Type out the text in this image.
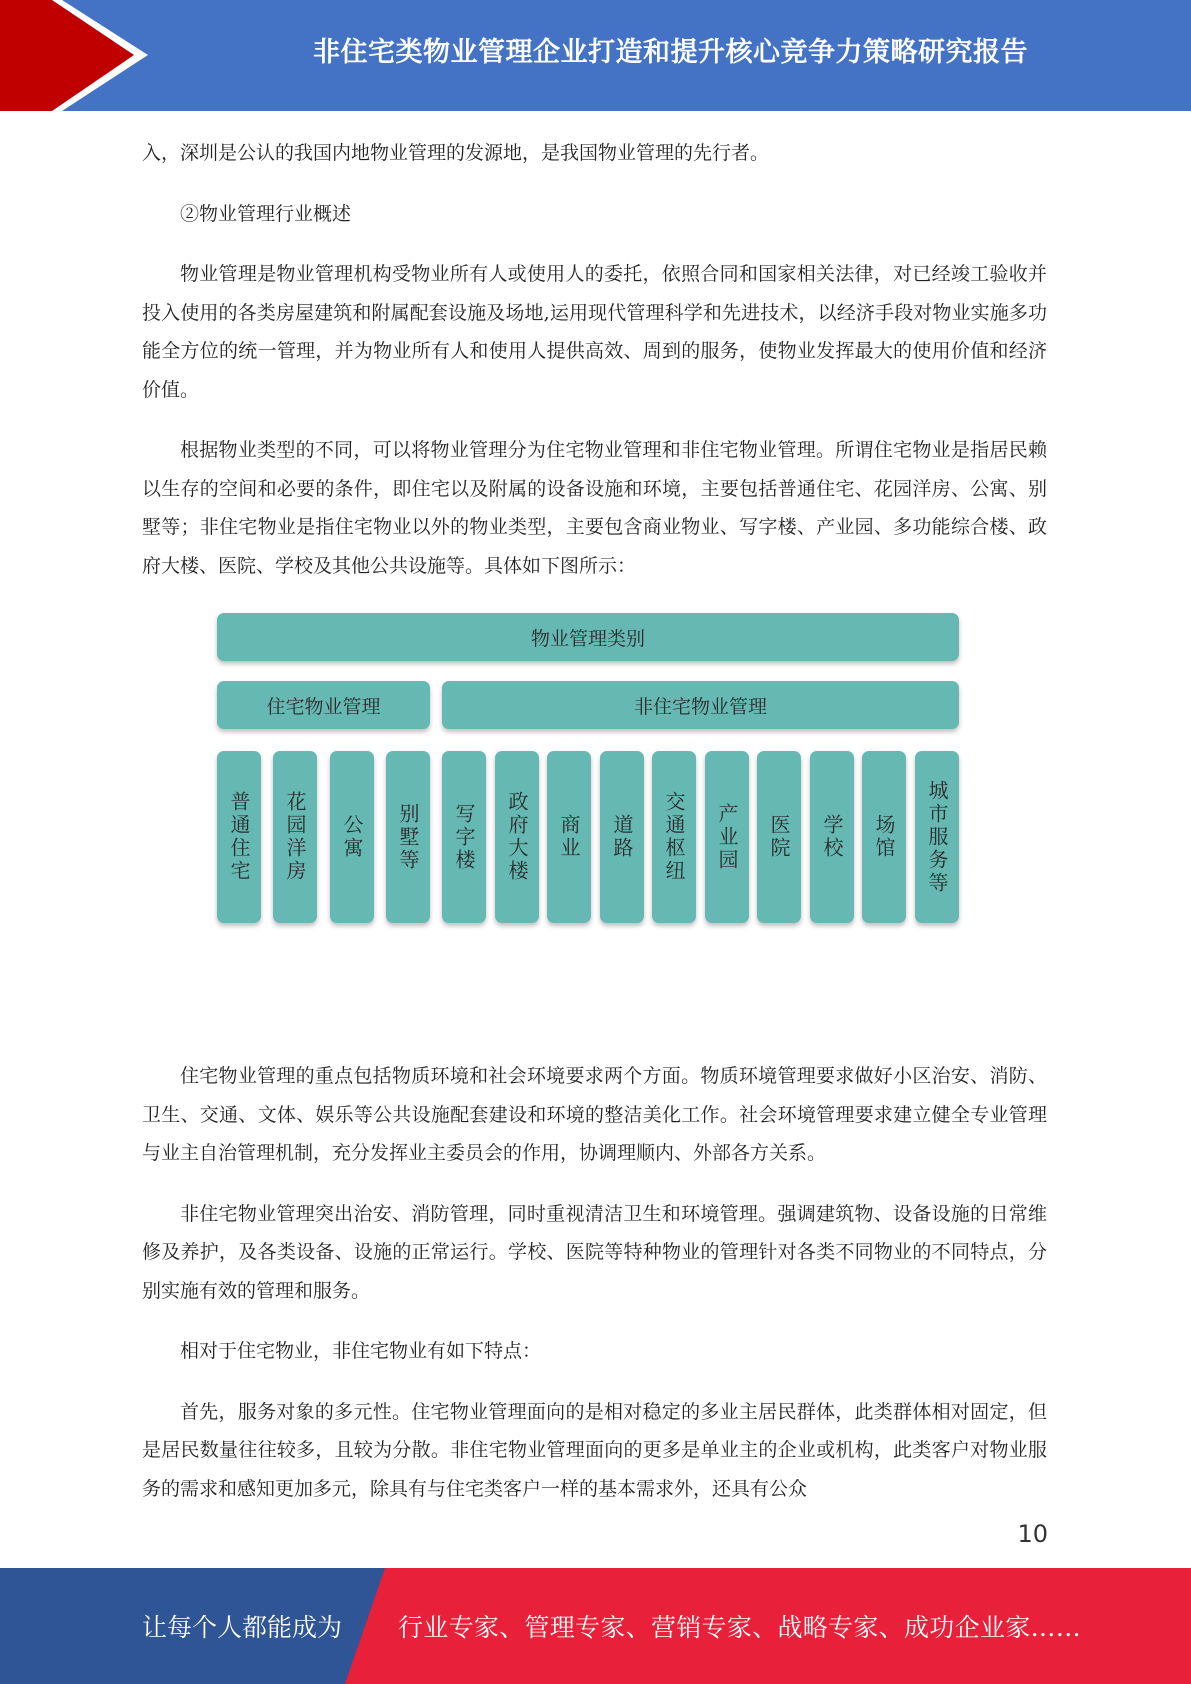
非住宅类物业管理企业打造和提升核心竞争力策略研究报告

入，深圳是公认的我国内地物业管理的发源地，是我国物业管理的先行者。

②物业管理行业概述

物业管理是物业管理机构受物业所有人或使用人的委托，依照合同和国家相关法律，对已经竣工验收并投入使用的各类房屋建筑和附属配套设施及场地,运用现代管理科学和先进技术，以经济手段对物业实施多功能全方位的统一管理，并为物业所有人和使用人提供高效、周到的服务，使物业发挥最大的使用价值和经济价值。

根据物业类型的不同，可以将物业管理分为住宅物业管理和非住宅物业管理。所谓住宅物业是指居民赖以生存的空间和必要的条件，即住宅以及附属的设备设施和环境，主要包括普通住宅、花园洋房、公寓、别墅等；非住宅物业是指住宅物业以外的物业类型，主要包含商业物业、写字楼、产业园、多功能综合楼、政府大楼、医院、学校及其他公共设施等。具体如下图所示：

物业管理类别
住宅物业管理	非住宅物业管理
普通住宅 花园洋房 公寓 别墅等 写字楼 政府大楼 商业 道路 交通枢纽 产业园 医院 学校 场馆 城市服务等

住宅物业管理的重点包括物质环境和社会环境要求两个方面。物质环境管理要求做好小区治安、消防、卫生、交通、文体、娱乐等公共设施配套建设和环境的整洁美化工作。社会环境管理要求建立健全专业管理与业主自治管理机制，充分发挥业主委员会的作用，协调理顺内、外部各方关系。

非住宅物业管理突出治安、消防管理，同时重视清洁卫生和环境管理。强调建筑物、设备设施的日常维修及养护，及各类设备、设施的正常运行。学校、医院等特种物业的管理针对各类不同物业的不同特点，分别实施有效的管理和服务。

相对于住宅物业，非住宅物业有如下特点：

首先，服务对象的多元性。住宅物业管理面向的是相对稳定的多业主居民群体，此类群体相对固定，但是居民数量往往较多，且较为分散。非住宅物业管理面向的更多是单业主的企业或机构，此类客户对物业服务的需求和感知更加多元，除具有与住宅类客户一样的基本需求外，还具有公众

10
让每个人都能成为 行业专家、管理专家、营销专家、战略专家、成功企业家……
